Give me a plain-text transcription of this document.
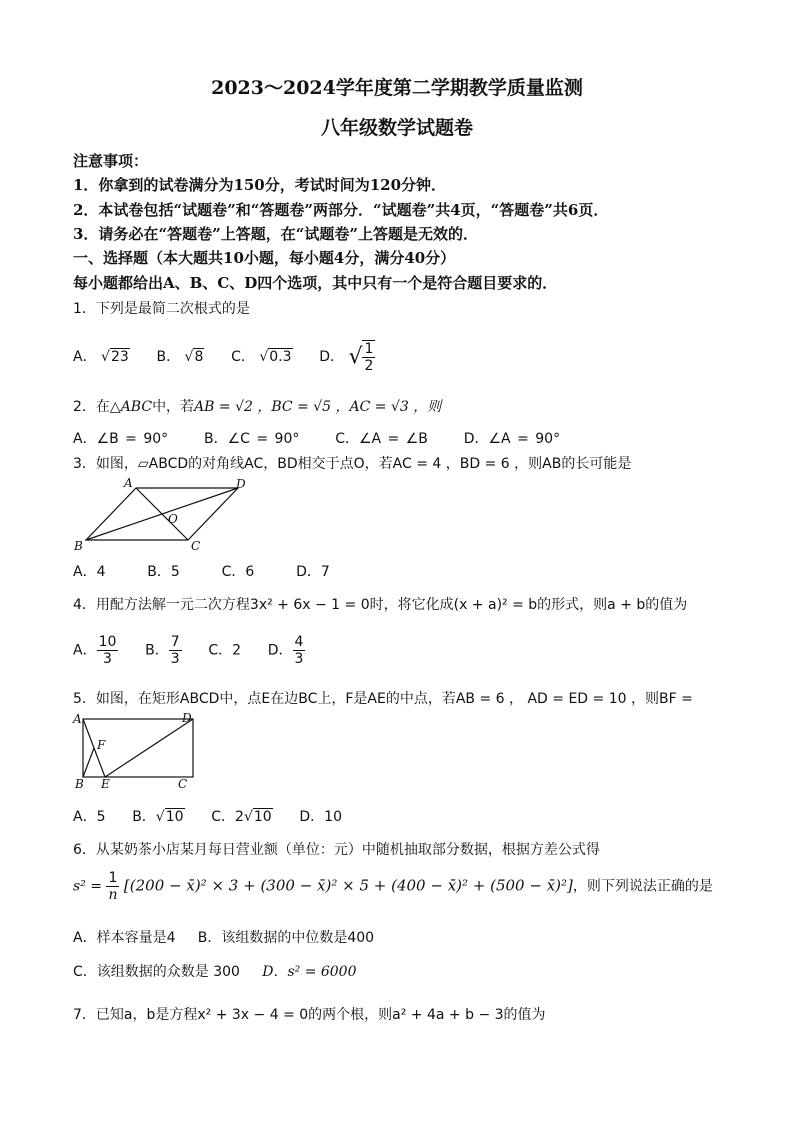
2023～2024学年度第二学期教学质量监测
八年级数学试题卷
注意事项：
1．你拿到的试卷满分为150分，考试时间为120分钟．
2．本试卷包括“试题卷”和“答题卷”两部分．“试题卷”共4页，“答题卷”共6页．
3．请务必在“答题卷”上答题，在“试题卷”上答题是无效的．
一、选择题（本大题共10小题，每小题4分，满分40分）
每小题都给出A、B、C、D四个选项，其中只有一个是符合题目要求的．
1．下列是最简二次根式的是
A． √23 B． √8 C． √0.3 D． √ $\frac{1}{2}$
2．在△ABC中，若AB = √2 ，BC = √5 ，AC = √3 ，则
A．∠B = 90°	B．∠C = 90°	C．∠A = ∠B	D．∠A = 90°
3．如图，▱ABCD的对角线AC，BD相交于点O，若AC = 4 ，BD = 6 ，则AB的长可能是
A	D
O
B	C
A．4	B．5	C．6	D．7
4．用配方法解一元二次方程3x² + 6x − 1 = 0时，将它化成(x + a)² = b的形式，则a + b的值为
A． $\frac{10}{3}$ B． $\frac{7}{3}$ C．2 D． $\frac{4}{3}$
5．如图，在矩形ABCD中，点E在边BC上，F是AE的中点，若AB = 6 ， AD = ED = 10 ，则BF =
A	D
F
B E	C
A．5 B．√10 C．2√10 D．10
6．从某奶茶小店某月每日营业额（单位：元）中随机抽取部分数据，根据方差公式得
$s^2 = \frac{1}{n} [(200$ − x̄)² × 3 + (300 − x̄)² × 5 + (400 − x̄)² + (500 − x̄)²]，则下列说法正确的是
A．样本容量是4 B．该组数据的中位数是400
C．该组数据的众数是 300 D．s² = 6000
7．已知a，b是方程x² + 3x − 4 = 0的两个根，则a² + 4a + b − 3的值为
